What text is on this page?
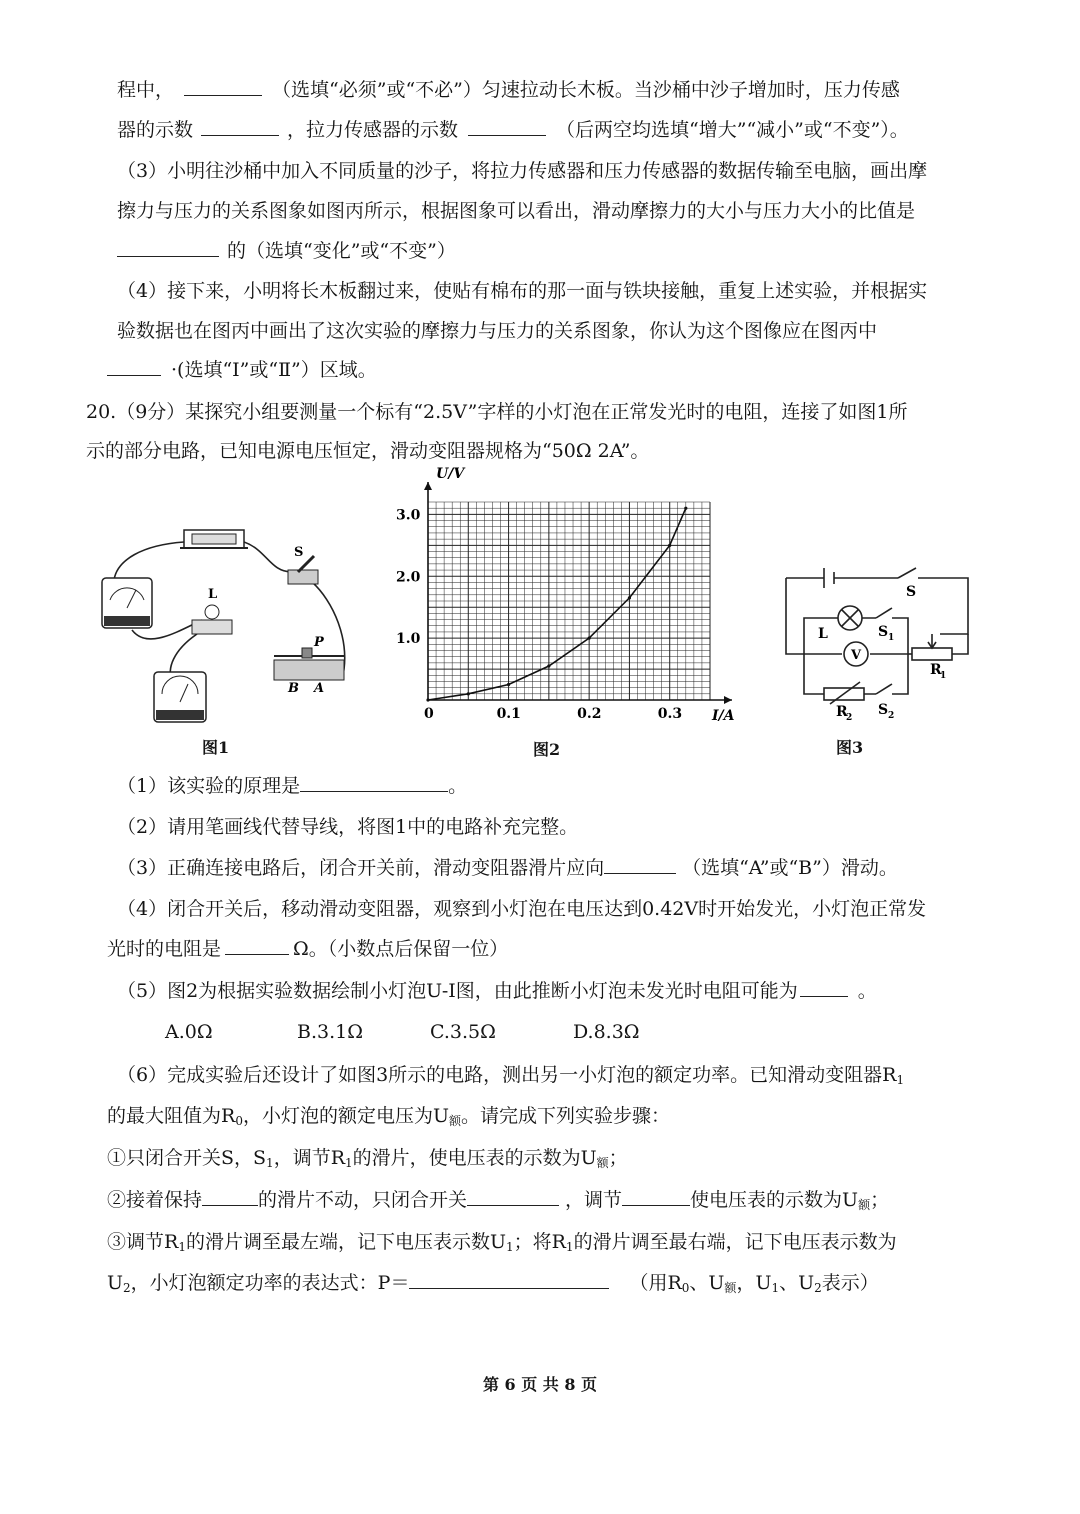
程中，	（选填“必须”或“不必”）匀速拉动长木板。当沙桶中沙子增加时，压力传感
器的示数	，拉力传感器的示数	（后两空均选填“增大”“减小”或“不变”）。
（3）小明往沙桶中加入不同质量的沙子，将拉力传感器和压力传感器的数据传输至电脑，画出摩
擦力与压力的关系图象如图丙所示，根据图象可以看出，滑动摩擦力的大小与压力大小的比值是
的（选填“变化”或“不变”）
（4）接下来，小明将长木板翻过来，使贴有棉布的那一面与铁块接触，重复上述实验，并根据实
验数据也在图丙中画出了这次实验的摩擦力与压力的关系图象，你认为这个图像应在图丙中
·(选填“Ⅰ”或“Ⅱ”）区域。
20.（9分）某探究小组要测量一个标有“2.5V”字样的小灯泡在正常发光时的电阻，连接了如图1所
示的部分电路，已知电源电压恒定，滑动变阻器规格为“50Ω 2A”。
S
L
P
B A
图1
0	0.1	0.2	0.3
1.0
2.0
3.0
I/A
U/V
图2
S
L	S 1
V
R
1
R
2 S 2
图3
（1）该实验的原理是	。
（2）请用笔画线代替导线，将图1中的电路补充完整。
（3）正确连接电路后，闭合开关前，滑动变阻器滑片应向	（选填“A”或“B”）滑动。
（4）闭合开关后，移动滑动变阻器，观察到小灯泡在电压达到0.42V时开始发光，小灯泡正常发
光时的电阻是	Ω。（小数点后保留一位）
（5）图2为根据实验数据绘制小灯泡U-I图，由此推断小灯泡未发光时电阻可能为	。
A.0Ω	B.3.1Ω	C.3.5Ω	D.8.3Ω
（6）完成实验后还设计了如图3所示的电路，测出另一小灯泡的额定功率。已知滑动变阻器$R_1$
的最大阻值为$R_0$，小灯泡的额定电压为$U_额$。请完成下列实验步骤：
①只闭合开关S，$S_1$，调节$R_1$的滑片，使电压表的示数为$U_额$；
②接着保持	的滑片不动，只闭合开关	，调节	使电压表的示数为$U_额$；
③调节$R_1$的滑片调至最左端，记下电压表示数$U_1$；将$R_1$的滑片调至最右端，记下电压表示数为
$U_2$，小灯泡额定功率的表达式：P＝	（用$R_0$、$U_额$，$U_1$、$U_2$表示）
第 6 页 共 8 页
